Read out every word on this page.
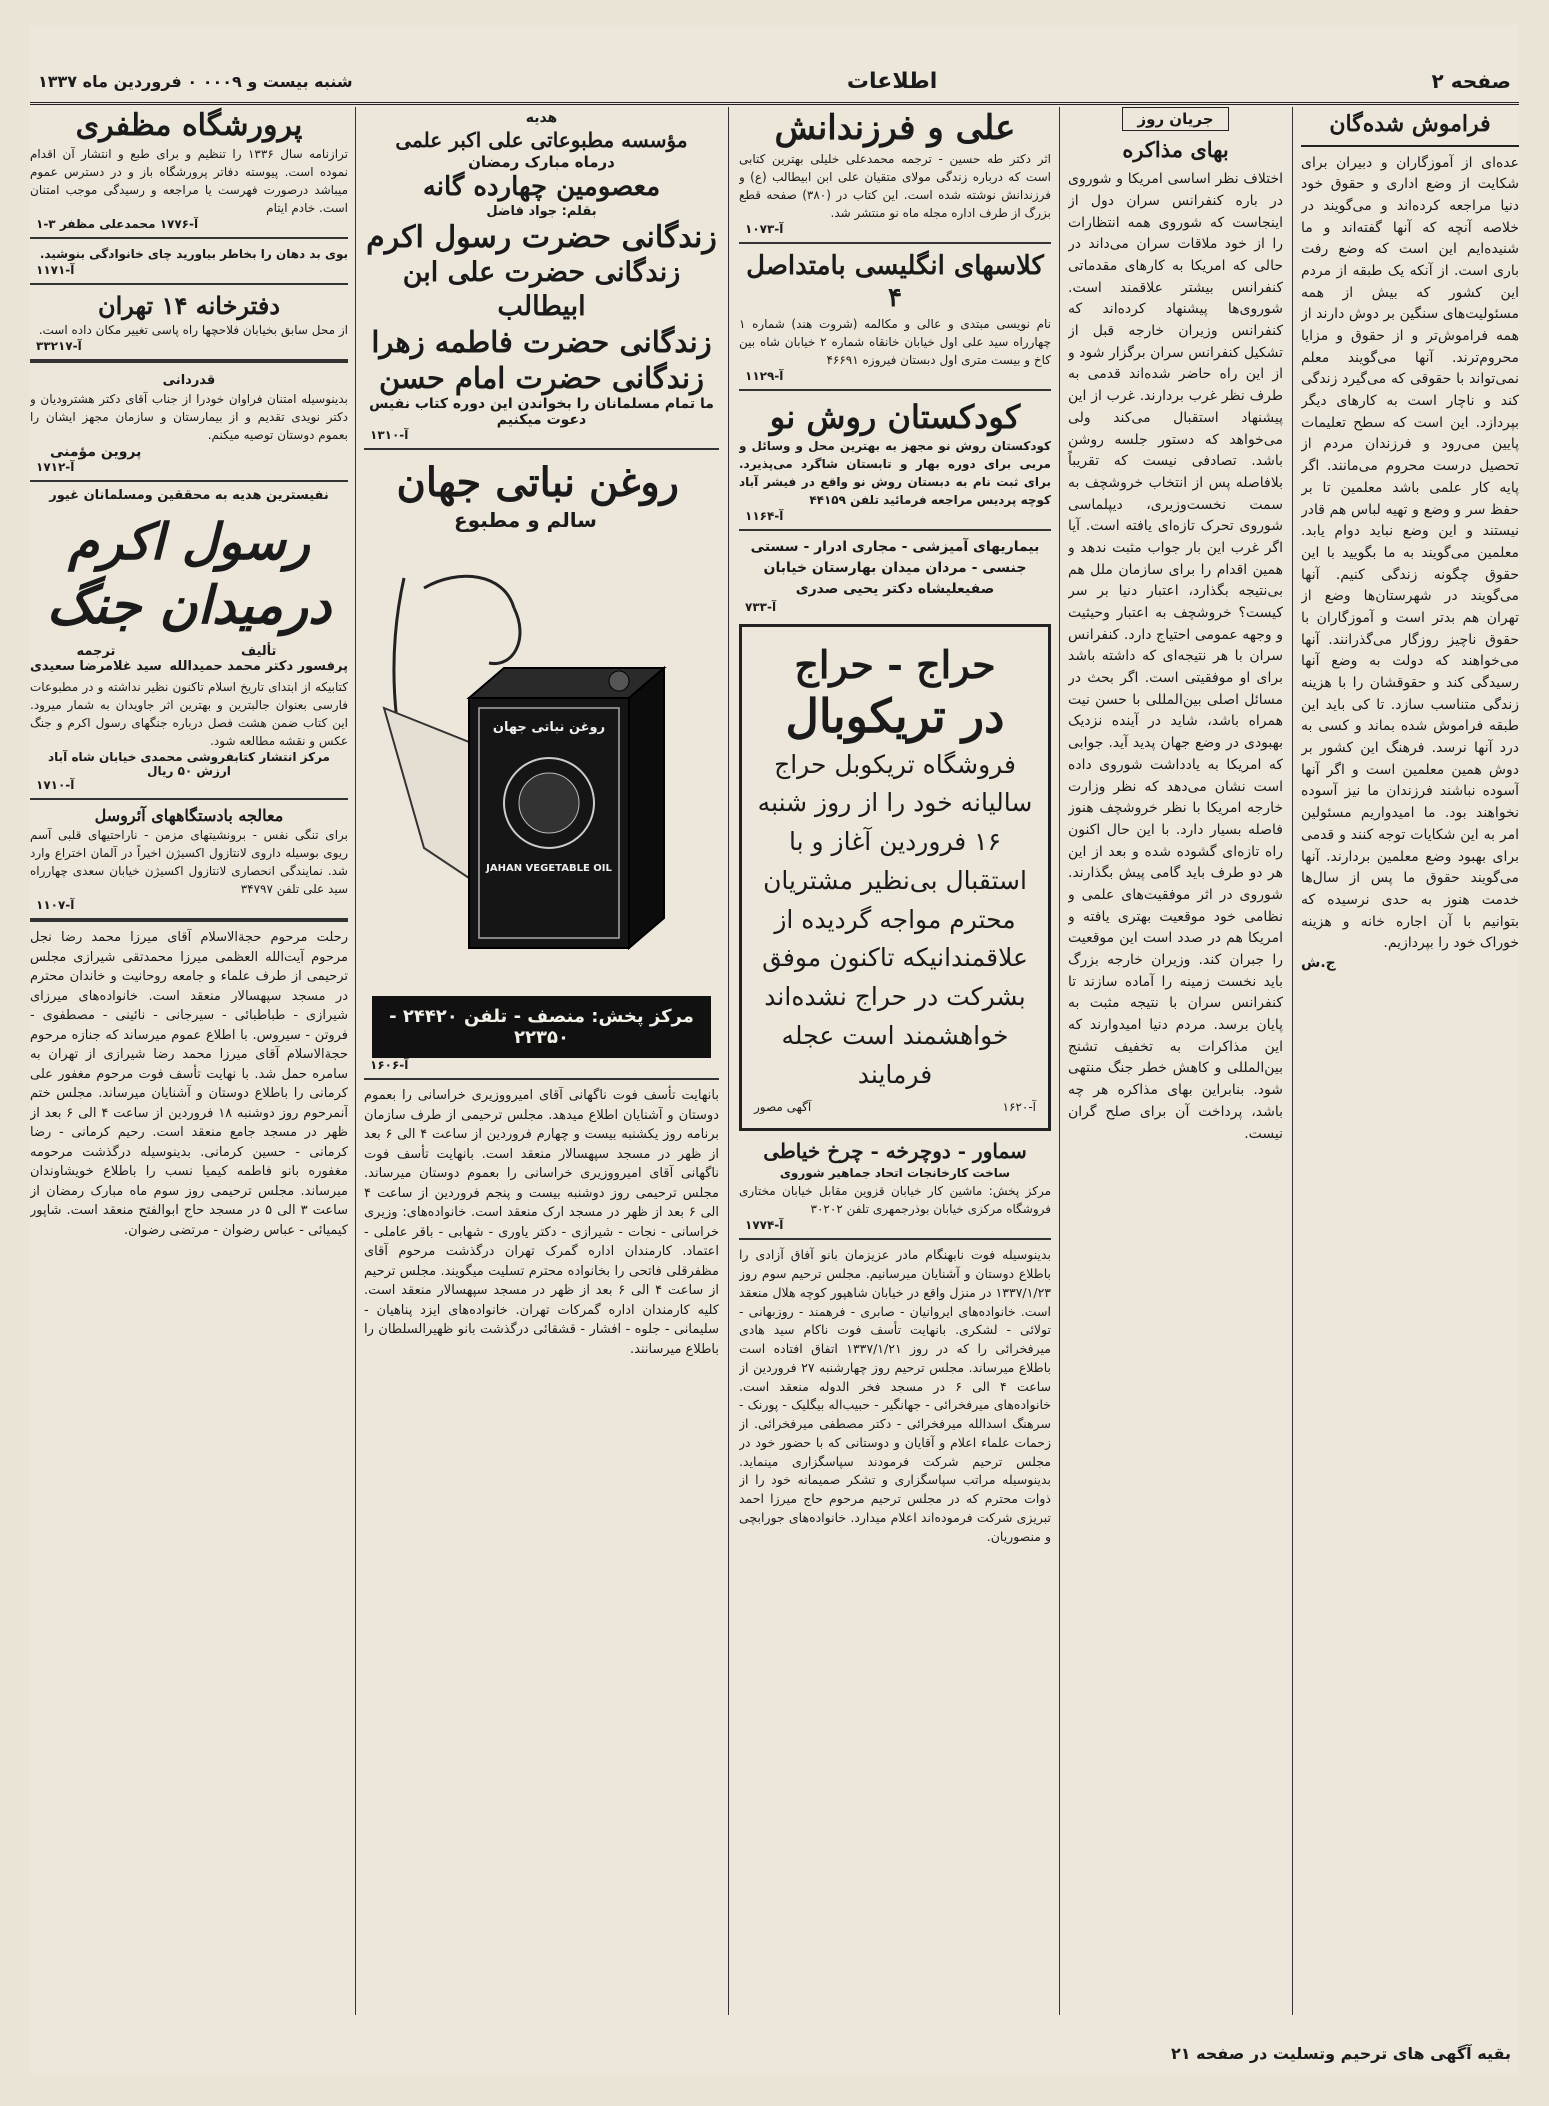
صفحه ۲
اطلاعات
شنبه بیست و ۰۰۰۹ ۰ فروردین ماه ۱۳۳۷
فراموش شده‌گان
عده‌ای از آموزگاران و دبیران برای شکایت از وضع اداری و حقوق خود دنیا مراجعه کرده‌اند و می‌گویند در خلاصه آنچه که آنها گفته‌اند و ما شنیده‌ایم این است که وضع رفت باری است. از آنکه یک طبقه از مردم این کشور که بیش از همه مسئولیت‌های سنگین بر دوش دارند از همه فراموش‌تر و از حقوق و مزایا محروم‌ترند. آنها می‌گویند معلم نمی‌تواند با حقوقی که می‌گیرد زندگی کند و ناچار است به کارهای دیگر بپردازد. این است که سطح تعلیمات پایین می‌رود و فرزندان مردم از تحصیل درست محروم می‌مانند. اگر پایه کار علمی باشد معلمین تا بر حفظ سر و وضع و تهیه لباس هم قادر نیستند و این وضع نباید دوام یابد. معلمین می‌گویند به ما بگویید با این حقوق چگونه زندگی کنیم. آنها می‌گویند در شهرستان‌ها وضع از تهران هم بدتر است و آموزگاران با حقوق ناچیز روزگار می‌گذرانند. آنها می‌خواهند که دولت به وضع آنها رسیدگی کند و حقوقشان را با هزینه زندگی متناسب سازد. تا کی باید این طبقه فراموش شده بماند و کسی به درد آنها نرسد. فرهنگ این کشور بر دوش همین معلمین است و اگر آنها آسوده نباشند فرزندان ما نیز آسوده نخواهند بود. ما امیدواریم مسئولین امر به این شکایات توجه کنند و قدمی برای بهبود وضع معلمین بردارند. آنها می‌گویند حقوق ما پس از سال‌ها خدمت هنوز به حدی نرسیده که بتوانیم با آن اجاره خانه و هزینه خوراک خود را بپردازیم.
ج.ش
جریان روز
بهای مذاکره
اختلاف نظر اساسی امریکا و شوروی در باره کنفرانس سران دول از اینجاست که شوروی همه انتظارات را از خود ملاقات سران می‌داند در حالی که امریکا به کارهای مقدماتی کنفرانس بیشتر علاقمند است. شوروی‌ها پیشنهاد کرده‌اند که کنفرانس وزیران خارجه قبل از تشکیل کنفرانس سران برگزار شود و از این راه حاضر شده‌اند قدمی به طرف نظر غرب بردارند. غرب از این پیشنهاد استقبال می‌کند ولی می‌خواهد که دستور جلسه روشن باشد. تصادفی نیست که تقریباً بلافاصله پس از انتخاب خروشچف به سمت نخست‌وزیری، دیپلماسی شوروی تحرک تازه‌ای یافته است. آیا اگر غرب این بار جواب مثبت ندهد و همین اقدام را برای سازمان ملل هم بی‌نتیجه بگذارد، اعتبار دنیا بر سر کیست؟ خروشچف به اعتبار وحیثیت و وجهه عمومی احتیاج دارد. کنفرانس سران با هر نتیجه‌ای که داشته باشد برای او موفقیتی است. اگر بحث در مسائل اصلی بین‌المللی با حسن نیت همراه باشد، شاید در آینده نزدیک بهبودی در وضع جهان پدید آید. جوابی که امریکا به یادداشت شوروی داده است نشان می‌دهد که نظر وزارت خارجه امریکا با نظر خروشچف هنوز فاصله بسیار دارد. با این حال اکنون راه تازه‌ای گشوده شده و بعد از این هر دو طرف باید گامی پیش بگذارند. شوروی در اثر موفقیت‌های علمی و نظامی خود موقعیت بهتری یافته و امریکا هم در صدد است این موقعیت را جبران کند. وزیران خارجه بزرگ باید نخست زمینه را آماده سازند تا کنفرانس سران با نتیجه مثبت به پایان برسد. مردم دنیا امیدوارند که این مذاکرات به تخفیف تشنج بین‌المللی و کاهش خطر جنگ منتهی شود. بنابراین بهای مذاکره هر چه باشد، پرداخت آن برای صلح گران نیست.
علی و فرزندانش
اثر دکتر طه حسین - ترجمه محمدعلی خلیلی بهترین کتابی است که درباره زندگی مولای متقیان علی ابن ابیطالب (ع) و فرزندانش نوشته شده است. این کتاب در (۳۸۰) صفحه قطع بزرگ از طرف اداره مجله ماه نو منتشر شد.
آ-۱۰۷۳
کلاسهای انگلیسی بامتداصل ۴
نام نویسی مبتدی و عالی و مکالمه (شروت هند) شماره ۱ چهارراه سید علی اول خیابان خانقاه شماره ۲ خیابان شاه بین کاخ و بیست متری اول دبستان فیروزه ۴۶۶۹۱
آ-۱۱۲۹
کودکستان روش نو
کودکستان روش نو مجهز به بهترین محل و وسائل و مربی برای دوره بهار و تابستان شاگرد می‌پذیرد. برای ثبت نام به دبستان روش نو واقع در فیشر آباد کوچه پردیس مراجعه فرمائید تلفن ۴۴۱۵۹
آ-۱۱۶۴
بیماریهای آمیزشی - مجاری ادرار - سستی جنسی - مردان میدان بهارستان خیابان صفیعلیشاه دکتر یحیی صدری
آ-۷۳۳
حراج - حراج
در تریکوبال
فروشگاه تریکوبل حراج سالیانه خود را از روز شنبه ۱۶ فروردین آغاز و با استقبال بی‌نظیر مشتریان محترم مواجه گردیده از علاقمندانیکه تاکنون موفق بشرکت در حراج نشده‌اند خواهشمند است عجله فرمایند
آ-۱۶۲۰
آگهی مصور
سماور - دوچرخه - چرخ خیاطی
ساخت کارخانجات اتحاد جماهیر شوروی
مرکز پخش: ماشین کار خیابان قزوین مقابل خیابان مختاری فروشگاه مرکزی خیابان بوذرجمهری تلفن ۳۰۲۰۲
آ-۱۷۷۴
بدینوسیله فوت نابهنگام مادر عزیزمان بانو آفاق آزادی را باطلاع دوستان و آشنایان میرسانیم. مجلس ترحیم سوم روز ۱۳۳۷/۱/۲۳ در منزل واقع در خیابان شاهپور کوچه هلال منعقد است. خانواده‌های ایروانیان - صابری - فرهمند - روزبهانی - تولائی - لشکری. بانهایت تأسف فوت ناکام سید هادی میرفخرائی را که در روز ۱۳۳۷/۱/۲۱ اتفاق افتاده است باطلاع میرساند. مجلس ترحیم روز چهارشنبه ۲۷ فروردین از ساعت ۴ الی ۶ در مسجد فخر الدوله منعقد است. خانواده‌های میرفخرائی - جهانگیر - حبیب‌اله بیگلیک - پورنک - سرهنگ اسدالله میرفخرائی - دکتر مصطفی میرفخرائی. از زحمات علماء اعلام و آقایان و دوستانی که با حضور خود در مجلس ترحیم شرکت فرمودند سپاسگزاری مینماید. بدینوسیله مراتب سپاسگزاری و تشکر صمیمانه خود را از ذوات محترم که در مجلس ترحیم مرحوم حاج میرزا احمد تبریزی شرکت فرموده‌اند اعلام میدارد. خانواده‌های جورابچی و منصوریان.
هدیه
مؤسسه مطبوعاتی علی اکبر علمی
درماه مبارک رمضان
معصومین چهارده گانه
بقلم: جواد فاضل
زندگانی حضرت رسول اکرم
زندگانی حضرت علی ابن ابیطالب
زندگانی حضرت فاطمه زهرا
زندگانی حضرت امام حسن
ما تمام مسلمانان را بخواندن این دوره کتاب نفیس دعوت میکنیم
آ-۱۳۱۰
روغن نباتی جهان
سالم و مطبوع
روغن نباتی جهان
JAHAN VEGETABLE OIL
مرکز پخش: منصف - تلفن ۲۴۴۲۰ - ۲۲۳۵۰
آ-۱۶۰۶
بانهایت تأسف فوت ناگهانی آقای امیرووزیری خراسانی را بعموم دوستان و آشنایان اطلاع میدهد. مجلس ترحیمی از طرف سازمان برنامه روز یکشنبه بیست و چهارم فروردین از ساعت ۴ الی ۶ بعد از ظهر در مسجد سپهسالار منعقد است. بانهایت تأسف فوت ناگهانی آقای امیرووزیری خراسانی را بعموم دوستان میرساند. مجلس ترحیمی روز دوشنبه بیست و پنجم فروردین از ساعت ۴ الی ۶ بعد از ظهر در مسجد ارک منعقد است. خانواده‌های: وزیری خراسانی - نجات - شیرازی - دکتر یاوری - شهابی - باقر عاملی - اعتماد. کارمندان اداره گمرک تهران درگذشت مرحوم آقای مظفرقلی فاتحی را بخانواده محترم تسلیت میگویند. مجلس ترحیم از ساعت ۴ الی ۶ بعد از ظهر در مسجد سپهسالار منعقد است. کلیه کارمندان اداره گمرکات تهران. خانواده‌های ایزد پناهیان - سلیمانی - جلوه - افشار - قشقائی درگذشت بانو ظهیرالسلطان را باطلاع میرسانند.
پرورشگاه مظفری
ترازنامه سال ۱۳۳۶ را تنظیم و برای طبع و انتشار آن اقدام نموده است. پیوسته دفاتر پرورشگاه باز و در دسترس عموم میباشد درصورت فهرست یا مراجعه و رسیدگی موجب امتنان است. خادم ایتام
۱-۳ آ-۱۷۷۶ محمدعلی مظفر
بوی بد دهان را بخاطر بیاورید چای خانوادگی بنوشید.
آ-۱۱۷۱
دفترخانه ۱۴ تهران
از محل سابق بخیابان فلاحچها راه پاسی تغییر مکان داده است.
آ-۳۳۲۱۷
قدردانی
بدینوسیله امتنان فراوان خودرا از جناب آقای دکتر هشترودیان و دکتر نویدی تقدیم و از بیمارستان و سازمان مجهز ایشان را بعموم دوستان توصیه میکنم.
پروین مؤمنی
آ-۱۷۱۲
نفیسترین هدیه به محققین ومسلمانان غیور
رسول اکرم
درمیدان جنگ
تألیف
پرفسور دکتر محمد حمیدالله
ترجمه
سید غلامرضا سعیدی
کتابیکه از ابتدای تاریخ اسلام تاکنون نظیر نداشته و در مطبوعات فارسی بعنوان جالبترین و بهترین اثر جاویدان به شمار میرود. این کتاب ضمن هشت فصل درباره جنگهای رسول اکرم و جنگ عکس و نقشه مطالعه شود.
مرکز انتشار کتابفروشی محمدی خیابان شاه آباد
ارزش ۵۰ ریال
آ-۱۷۱۰
معالجه بادستگاههای آئروسل
برای تنگی نفس - برونشیتهای مزمن - ناراحتیهای قلبی آسم ریوی بوسیله داروی لانتازول اکسیژن اخیراً در آلمان اختراع وارد شد. نمایندگی انحصاری لانتازول اکسیژن خیابان سعدی چهارراه سید علی تلفن ۳۴۷۹۷
آ-۱۱۰۷
رحلت مرحوم حجة‌الاسلام آقای میرزا محمد رضا نجل مرحوم آیت‌الله العظمی میرزا محمدتقی شیرازی مجلس ترحیمی از طرف علماء و جامعه روحانیت و خاندان محترم در مسجد سپهسالار منعقد است. خانواده‌های میرزای شیرازی - طباطبائی - سیرجانی - نائینی - مصطفوی - فروتن - سیروس. با اطلاع عموم میرساند که جنازه مرحوم حجةالاسلام آقای میرزا محمد رضا شیرازی از تهران به سامره حمل شد. با نهایت تأسف فوت مرحوم مغفور علی کرمانی را باطلاع دوستان و آشنایان میرساند. مجلس ختم آنمرحوم روز دوشنبه ۱۸ فروردین از ساعت ۴ الی ۶ بعد از ظهر در مسجد جامع منعقد است. رحیم کرمانی - رضا کرمانی - حسین کرمانی. بدینوسیله درگذشت مرحومه مغفوره بانو فاطمه کیمیا نسب را باطلاع خویشاوندان میرساند. مجلس ترحیمی روز سوم ماه مبارک رمضان از ساعت ۳ الی ۵ در مسجد حاج ابوالفتح منعقد است. شاپور کیمیائی - عباس رضوان - مرتضی رضوان.
بقیه آگهی های ترحیم وتسلیت در صفحه ۲۱
